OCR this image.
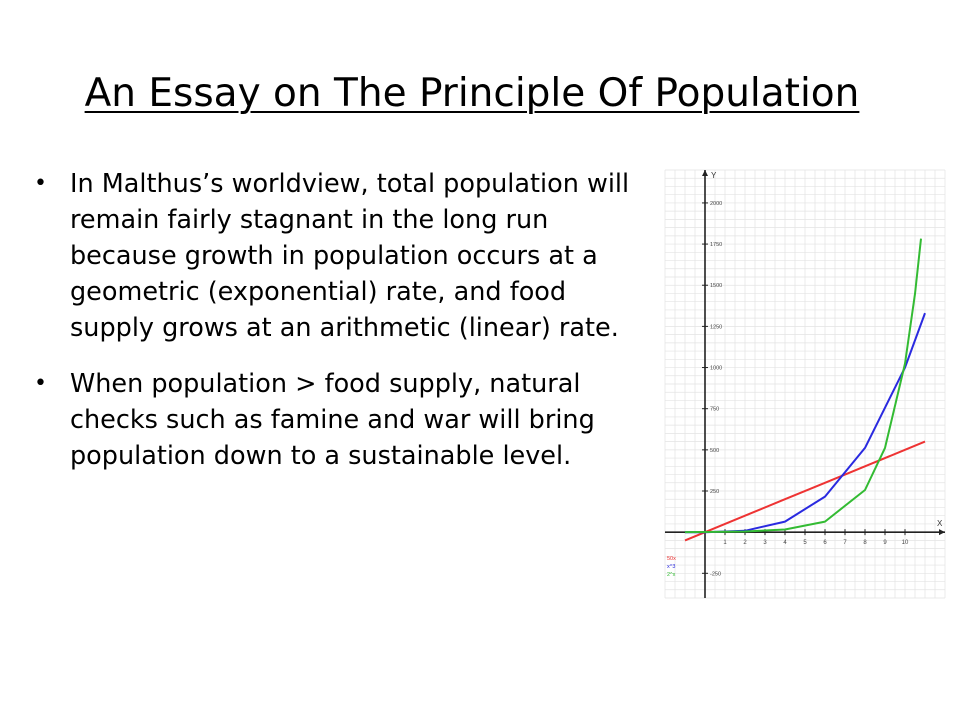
An Essay on The Principle Of Population
• In Malthus’s worldview, total population will remain fairly stagnant in the long run because growth in population occurs at a geometric (exponential) rate, and food supply grows at an arithmetic (linear) rate.
• When population > food supply, natural checks such as famine and war will bring population down to a sustainable level.
X
Y
1	2	3	4	5	6	7	8	9 10
-250
250
500
750
1000
1250
1500
1750
2000
50x
x^3
2^x
